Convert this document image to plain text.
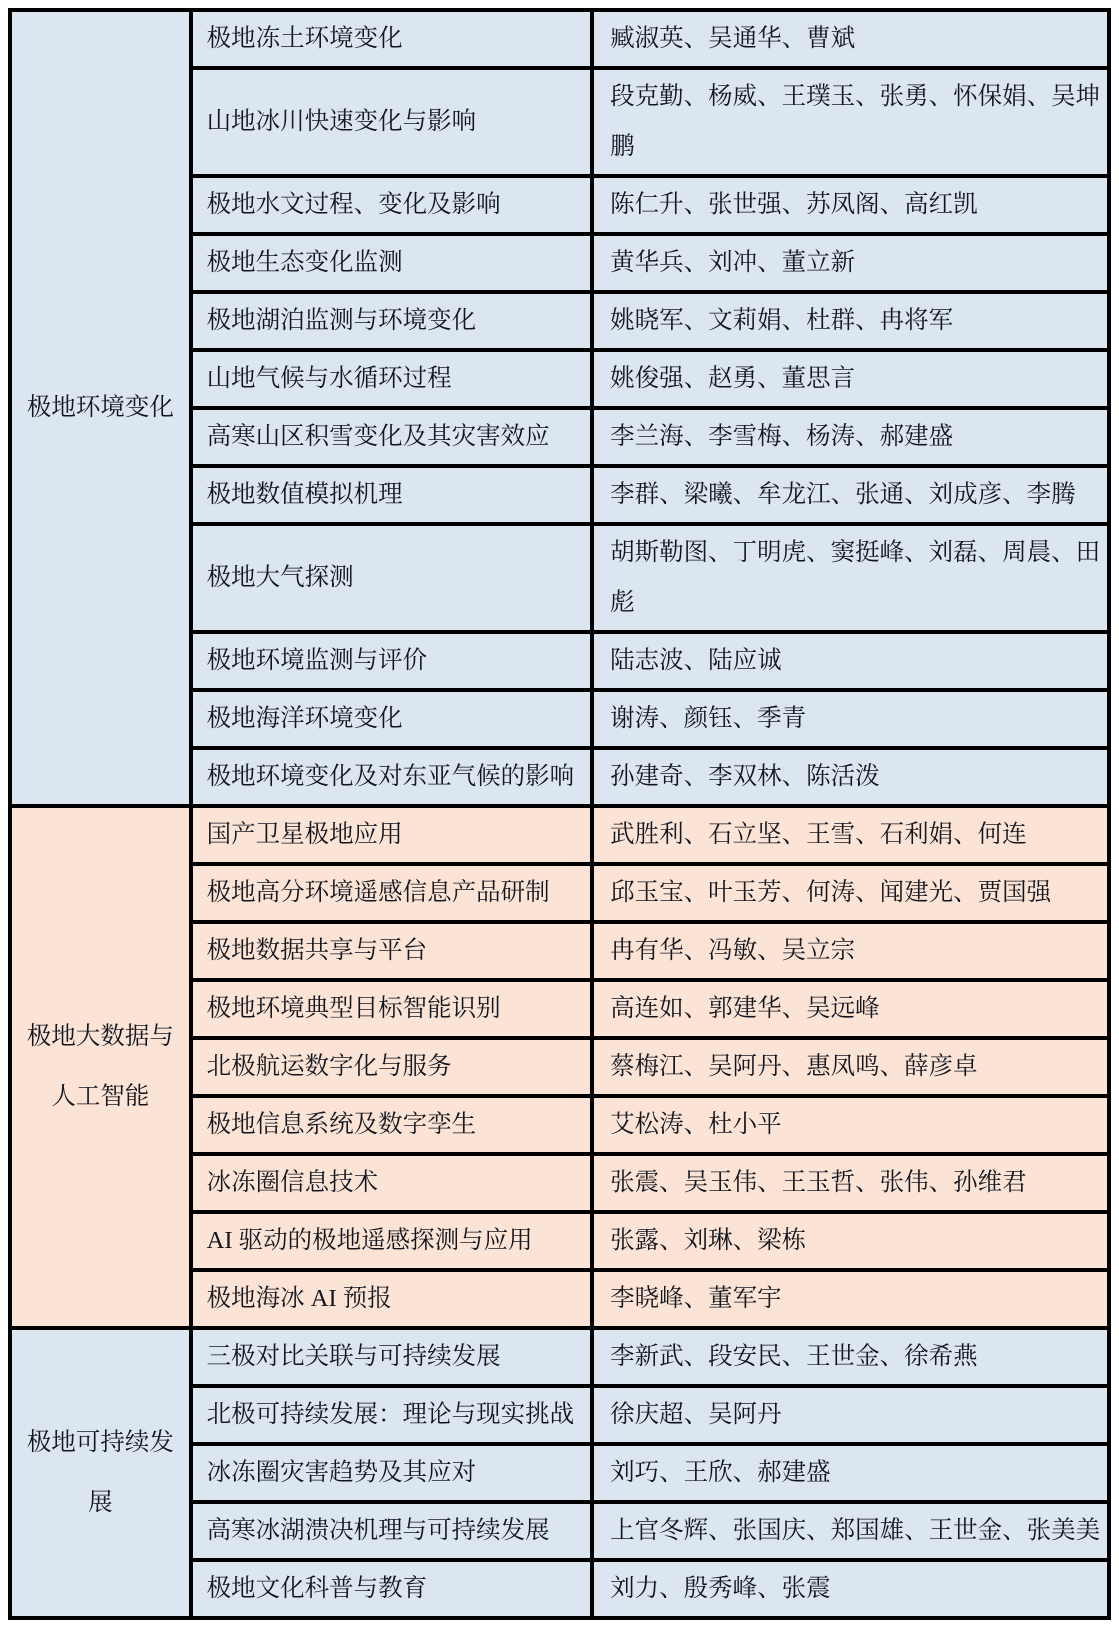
极地环境变化	极地冻土环境变化	臧淑英、吴通华、曹斌
	山地冰川快速变化与影响	段克勤、杨威、王璞玉、张勇、怀保娟、吴坤鹏
	极地水文过程、变化及影响	陈仁升、张世强、苏凤阁、高红凯
	极地生态变化监测	黄华兵、刘冲、董立新
	极地湖泊监测与环境变化	姚晓军、文莉娟、杜群、冉将军
	山地气候与水循环过程	姚俊强、赵勇、董思言
	高寒山区积雪变化及其灾害效应	李兰海、李雪梅、杨涛、郝建盛
	极地数值模拟机理	李群、梁曦、牟龙江、张通、刘成彦、李腾
	极地大气探测	胡斯勒图、丁明虎、窦挺峰、刘磊、周晨、田彪
	极地环境监测与评价	陆志波、陆应诚
	极地海洋环境变化	谢涛、颜钰、季青
	极地环境变化及对东亚气候的影响	孙建奇、李双林、陈活泼
极地大数据与人工智能	国产卫星极地应用	武胜利、石立坚、王雪、石利娟、何连
	极地高分环境遥感信息产品研制	邱玉宝、叶玉芳、何涛、闻建光、贾国强
	极地数据共享与平台	冉有华、冯敏、吴立宗
	极地环境典型目标智能识别	高连如、郭建华、吴远峰
	北极航运数字化与服务	蔡梅江、吴阿丹、惠凤鸣、薛彦卓
	极地信息系统及数字孪生	艾松涛、杜小平
	冰冻圈信息技术	张震、吴玉伟、王玉哲、张伟、孙维君
	AI 驱动的极地遥感探测与应用	张露、刘琳、梁栋
	极地海冰 AI 预报	李晓峰、董军宇
极地可持续发展	三极对比关联与可持续发展	李新武、段安民、王世金、徐希燕
	北极可持续发展：理论与现实挑战	徐庆超、吴阿丹
	冰冻圈灾害趋势及其应对	刘巧、王欣、郝建盛
	高寒冰湖溃决机理与可持续发展	上官冬辉、张国庆、郑国雄、王世金、张美美
	极地文化科普与教育	刘力、殷秀峰、张震
